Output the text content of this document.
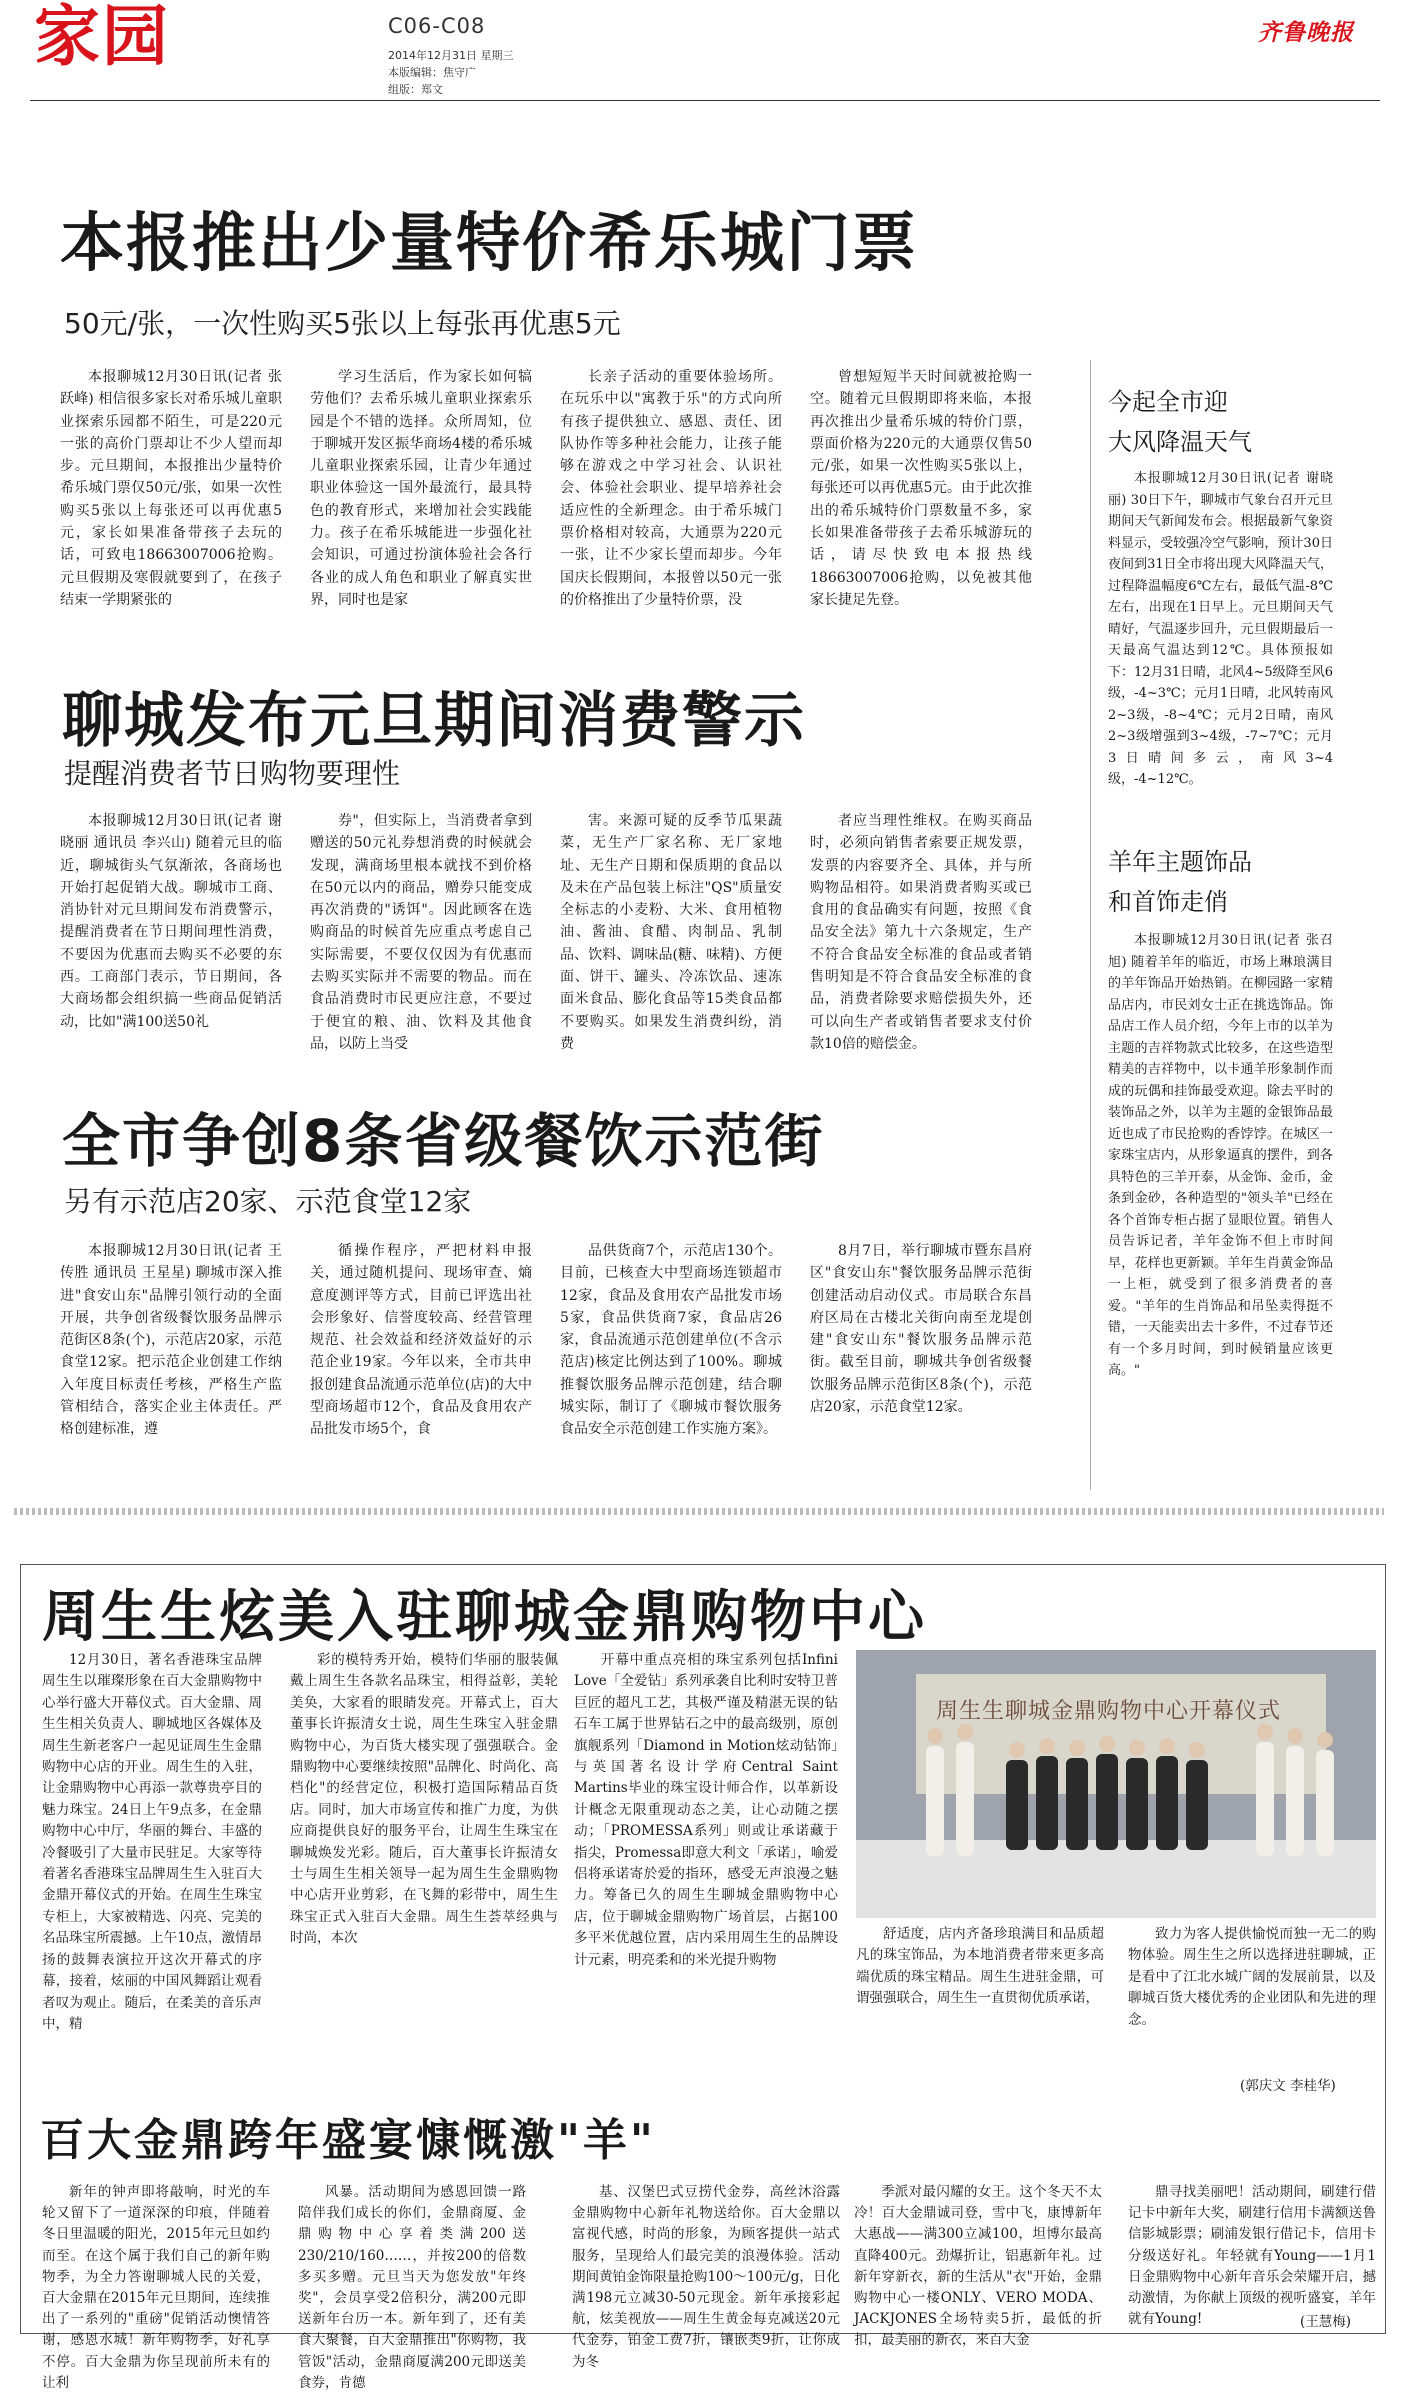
家园	C06-C08
2014年12月31日 星期三
本版编辑：焦守广
组版：郑文
齐鲁晚报
本报推出少量特价希乐城门票
50元/张，一次性购买5张以上每张再优惠5元

本报聊城12月30日讯(记者 张跃峰) 相信很多家长对希乐城儿童职业探索乐园都不陌生，可是220元一张的高价门票却让不少人望而却步。元旦期间，本报推出少量特价希乐城门票仅50元/张，如果一次性购买5张以上每张还可以再优惠5元，家长如果准备带孩子去玩的话，可致电18663007006抢购。元旦假期及寒假就要到了，在孩子结束一学期紧张的

学习生活后，作为家长如何犒劳他们？去希乐城儿童职业探索乐园是个不错的选择。众所周知，位于聊城开发区振华商场4楼的希乐城儿童职业探索乐园，让青少年通过职业体验这一国外最流行，最具特色的教育形式，来增加社会实践能力。孩子在希乐城能进一步强化社会知识，可通过扮演体验社会各行各业的成人角色和职业了解真实世界，同时也是家

长亲子活动的重要体验场所。在玩乐中以"寓教于乐"的方式向所有孩子提供独立、感恩、责任、团队协作等多种社会能力，让孩子能够在游戏之中学习社会、认识社会、体验社会职业、提早培养社会适应性的全新理念。由于希乐城门票价格相对较高，大通票为220元一张，让不少家长望而却步。今年国庆长假期间，本报曾以50元一张的价格推出了少量特价票，没

曾想短短半天时间就被抢购一空。随着元旦假期即将来临，本报再次推出少量希乐城的特价门票，票面价格为220元的大通票仅售50元/张，如果一次性购买5张以上，每张还可以再优惠5元。由于此次推出的希乐城特价门票数量不多，家长如果准备带孩子去希乐城游玩的话，请尽快致电本报热线18663007006抢购，以免被其他家长捷足先登。

聊城发布元旦期间消费警示
提醒消费者节日购物要理性

本报聊城12月30日讯(记者 谢晓丽 通讯员 李兴山) 随着元旦的临近，聊城街头气氛渐浓，各商场也开始打起促销大战。聊城市工商、消协针对元旦期间发布消费警示，提醒消费者在节日期间理性消费，不要因为优惠而去购买不必要的东西。工商部门表示，节日期间，各大商场都会组织搞一些商品促销活动，比如"满100送50礼

券"，但实际上，当消费者拿到赠送的50元礼券想消费的时候就会发现，满商场里根本就找不到价格在50元以内的商品，赠券只能变成再次消费的"诱饵"。因此顾客在选购商品的时候首先应重点考虑自己实际需要，不要仅仅因为有优惠而去购买实际并不需要的物品。而在食品消费时市民更应注意，不要过于便宜的粮、油、饮料及其他食品，以防上当受

害。来源可疑的反季节瓜果蔬菜，无生产厂家名称、无厂家地址、无生产日期和保质期的食品以及未在产品包装上标注"QS"质量安全标志的小麦粉、大米、食用植物油、酱油、食醋、肉制品、乳制品、饮料、调味品(糖、味精)、方便面、饼干、罐头、冷冻饮品、速冻面米食品、膨化食品等15类食品都不要购买。如果发生消费纠纷，消费

者应当理性维权。在购买商品时，必须向销售者索要正规发票，发票的内容要齐全、具体，并与所购物品相符。如果消费者购买或已食用的食品确实有问题，按照《食品安全法》第九十六条规定，生产不符合食品安全标准的食品或者销售明知是不符合食品安全标准的食品，消费者除要求赔偿损失外，还可以向生产者或销售者要求支付价款10倍的赔偿金。

全市争创8条省级餐饮示范街
另有示范店20家、示范食堂12家

本报聊城12月30日讯(记者 王传胜 通讯员 王星星) 聊城市深入推进"食安山东"品牌引领行动的全面开展，共争创省级餐饮服务品牌示范街区8条(个)，示范店20家，示范食堂12家。把示范企业创建工作纳入年度目标责任考核，严格生产监管相结合，落实企业主体责任。严格创建标准，遵

循操作程序，严把材料申报关，通过随机提问、现场审查、熵意度测评等方式，目前已评选出社会形象好、信誉度较高、经营管理规范、社会效益和经济效益好的示范企业19家。今年以来，全市共申报创建食品流通示范单位(店)的大中型商场超市12个，食品及食用农产品批发市场5个，食

品供货商7个，示范店130个。目前，已核查大中型商场连锁超市12家，食品及食用农产品批发市场5家，食品供货商7家，食品店26家，食品流通示范创建单位(不含示范店)核定比例达到了100%。聊城推餐饮服务品牌示范创建，结合聊城实际，制订了《聊城市餐饮服务食品安全示范创建工作实施方案》。

8月7日，举行聊城市暨东昌府区"食安山东"餐饮服务品牌示范街创建活动启动仪式。市局联合东昌府区局在古楼北关街向南至龙堤创建"食安山东"餐饮服务品牌示范街。截至目前，聊城共争创省级餐饮服务品牌示范街区8条(个)，示范店20家，示范食堂12家。

今起全市迎
大风降温天气

本报聊城12月30日讯(记者 谢晓丽) 30日下午，聊城市气象台召开元旦期间天气新闻发布会。根据最新气象资料显示，受较强冷空气影响，预计30日夜间到31日全市将出现大风降温天气，过程降温幅度6℃左右，最低气温-8℃左右，出现在1日早上。元旦期间天气晴好，气温逐步回升，元旦假期最后一天最高气温达到12℃。具体预报如下：12月31日晴，北风4~5级降至风6级，-4~3℃；元月1日晴，北风转南风2~3级，-8~4℃；元月2日晴，南风2~3级增强到3~4级，-7~7℃；元月3日晴间多云，南风3~4级，-4~12℃。

羊年主题饰品
和首饰走俏

本报聊城12月30日讯(记者 张召旭) 随着羊年的临近，市场上琳琅满目的羊年饰品开始热销。在柳园路一家精品店内，市民刘女士正在挑选饰品。饰品店工作人员介绍，今年上市的以羊为主题的吉祥物款式比较多，在这些造型精美的吉祥物中，以卡通羊形象制作而成的玩偶和挂饰最受欢迎。除去平时的装饰品之外，以羊为主题的金银饰品最近也成了市民抢购的香饽饽。在城区一家珠宝店内，从形象逼真的摆件，到各具特色的三羊开泰，从金饰、金币，金条到金砂，各种造型的"领头羊"已经在各个首饰专柜占据了显眼位置。销售人员告诉记者，羊年金饰不但上市时间早，花样也更新颖。羊年生肖黄金饰品一上柜，就受到了很多消费者的喜爱。"羊年的生肖饰品和吊坠卖得挺不错，一天能卖出去十多件，不过春节还有一个多月时间，到时候销量应该更高。"

周生生炫美入驻聊城金鼎购物中心

12月30日，著名香港珠宝品牌周生生以璀璨形象在百大金鼎购物中心举行盛大开幕仪式。百大金鼎、周生生相关负责人、聊城地区各媒体及周生生新老客户一起见证周生生金鼎购物中心店的开业。周生生的入驻，让金鼎购物中心再添一款尊贵亭目的魅力珠宝。24日上午9点多，在金鼎购物中心中厅，华丽的舞台、丰盛的冷餐吸引了大量市民驻足。大家等待着著名香港珠宝品牌周生生入驻百大金鼎开幕仪式的开始。在周生生珠宝专柜上，大家被精选、闪亮、完美的名品珠宝所震撼。上午10点，激情昂扬的鼓舞表演拉开这次开幕式的序幕，接着，炫丽的中国风舞蹈让观看者叹为观止。随后，在柔美的音乐声中，精

彩的模特秀开始，模特们华丽的服装佩戴上周生生各款名品珠宝，相得益彰，美轮美奂，大家看的眼睛发亮。开幕式上，百大董事长许振清女士说，周生生珠宝入驻金鼎购物中心，为百货大楼实现了强强联合。金鼎购物中心要继续按照"品牌化、时尚化、高档化"的经营定位，积极打造国际精品百货店。同时，加大市场宣传和推广力度，为供应商提供良好的服务平台，让周生生珠宝在聊城焕发光彩。随后，百大董事长许振清女士与周生生相关领导一起为周生生金鼎购物中心店开业剪彩，在飞舞的彩带中，周生生珠宝正式入驻百大金鼎。周生生荟萃经典与时尚，本次

开幕中重点亮相的珠宝系列包括Infini Love「全爱钻」系列承袭自比利时安特卫普巨匠的超凡工艺，其极严谨及精湛无误的钻石车工属于世界钻石之中的最高级别，原创旗舰系列「Diamond in Motion炫动钻饰」与英国著名设计学府Central Saint Martins毕业的珠宝设计师合作，以革新设计概念无限重现动态之美，让心动随之摆动；「PROMESSA系列」则或让承诺藏于指尖，Promessa即意大利文「承诺」，喻爱侣将承诺寄於爱的指环，感受无声浪漫之魅力。筹备已久的周生生聊城金鼎购物中心店，位于聊城金鼎购物广场首层，占据100多平米优越位置，店内采用周生生的品牌设计元素，明亮柔和的米光提升购物

周生生聊城金鼎购物中心开幕仪式

舒适度，店内齐备珍琅满目和品质超凡的珠宝饰品，为本地消费者带来更多高端优质的珠宝精品。周生生进驻金鼎，可谓强强联合，周生生一直贯彻优质承诺，

致力为客人提供愉悦而独一无二的购物体验。周生生之所以选择进驻聊城，正是看中了江北水城广阔的发展前景，以及聊城百货大楼优秀的企业团队和先进的理念。

(郭庆文 李桂华)
百大金鼎跨年盛宴慷慨激"羊"

新年的钟声即将敲响，时光的车轮又留下了一道深深的印痕，伴随着冬日里温暖的阳光，2015年元旦如约而至。在这个属于我们自己的新年购物季，为全力答谢聊城人民的关爱，百大金鼎在2015年元旦期间，连续推出了一系列的"重磅"促销活动懊情答谢，感恩水城！新年购物季，好礼享不停。百大金鼎为你呈现前所未有的让利

风暴。活动期间为感恩回馈一路陪伴我们成长的你们，金鼎商厦、金鼎购物中心享着类满200送230/210/160……，并按200的倍数多买多赠。元旦当天为您发放"年终奖"，会员享受2倍积分，满200元即送新年台历一本。新年到了，还有美食大聚餐，百大金鼎推出"你购物，我管饭"活动，金鼎商厦满200元即送美食券，肯德

基、汉堡巴式豆捞代金券，高丝沐浴露金鼎购物中心新年礼物送给你。百大金鼎以富视代感，时尚的形象，为顾客提供一站式服务，呈现给人们最完美的浪漫体验。活动期间黄铂金饰限量抢购100～100元/g，日化满198元立减30-50元现金。新年承接彩起航，炫美视放——周生生黄金每克减送20元代金券，铂金工费7折，镶嵌类9折，让你成为冬

季派对最闪耀的女王。这个冬天不太冷！百大金鼎诚司登，雪中飞，康博新年大惠战——满300立减100，坦博尔最高直降400元。劲爆折让，铝惠新年礼。过新年穿新衣，新的生活从"衣"开始，金鼎购物中心一楼ONLY、VERO MODA、JACKJONES全场特卖5折，最低的折扣，最美丽的新衣，来百大金

鼎寻找美丽吧！活动期间，刷建行借记卡中新年大奖，刷建行信用卡满额送鲁信影城影票；刷浦发银行借记卡，信用卡分级送好礼。年轻就有Young——1月1日金鼎购物中心新年音乐会荣耀开启，撼动激情，为你献上顶级的视听盛宴，羊年就有Young!	(王慧梅)
